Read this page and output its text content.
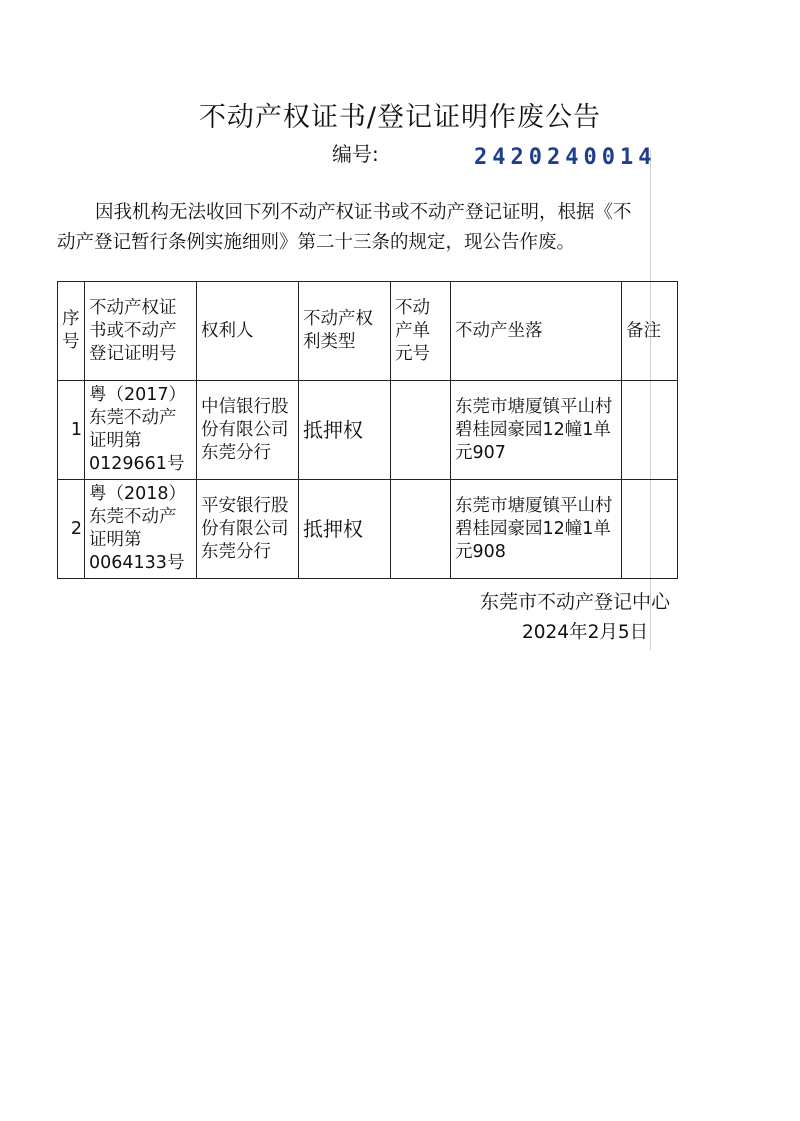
不动产权证书/登记证明作废公告
编号:	2420240014
因我机构无法收回下列不动产权证书或不动产登记证明，根据《不
动产登记暂行条例实施细则》第二十三条的规定，现公告作废。
序号	不动产权证书或不动产登记证明号	权利人	不动产权利类型	不动产单元号	不动产坐落	备注
1	粤（2017）东莞不动产证明第0129661号	中信银行股份有限公司东莞分行	抵押权		东莞市塘厦镇平山村碧桂园豪园12幢1单元907	
2	粤（2018）东莞不动产证明第0064133号	平安银行股份有限公司东莞分行	抵押权		东莞市塘厦镇平山村碧桂园豪园12幢1单元908	
东莞市不动产登记中心
2024年2月5日
